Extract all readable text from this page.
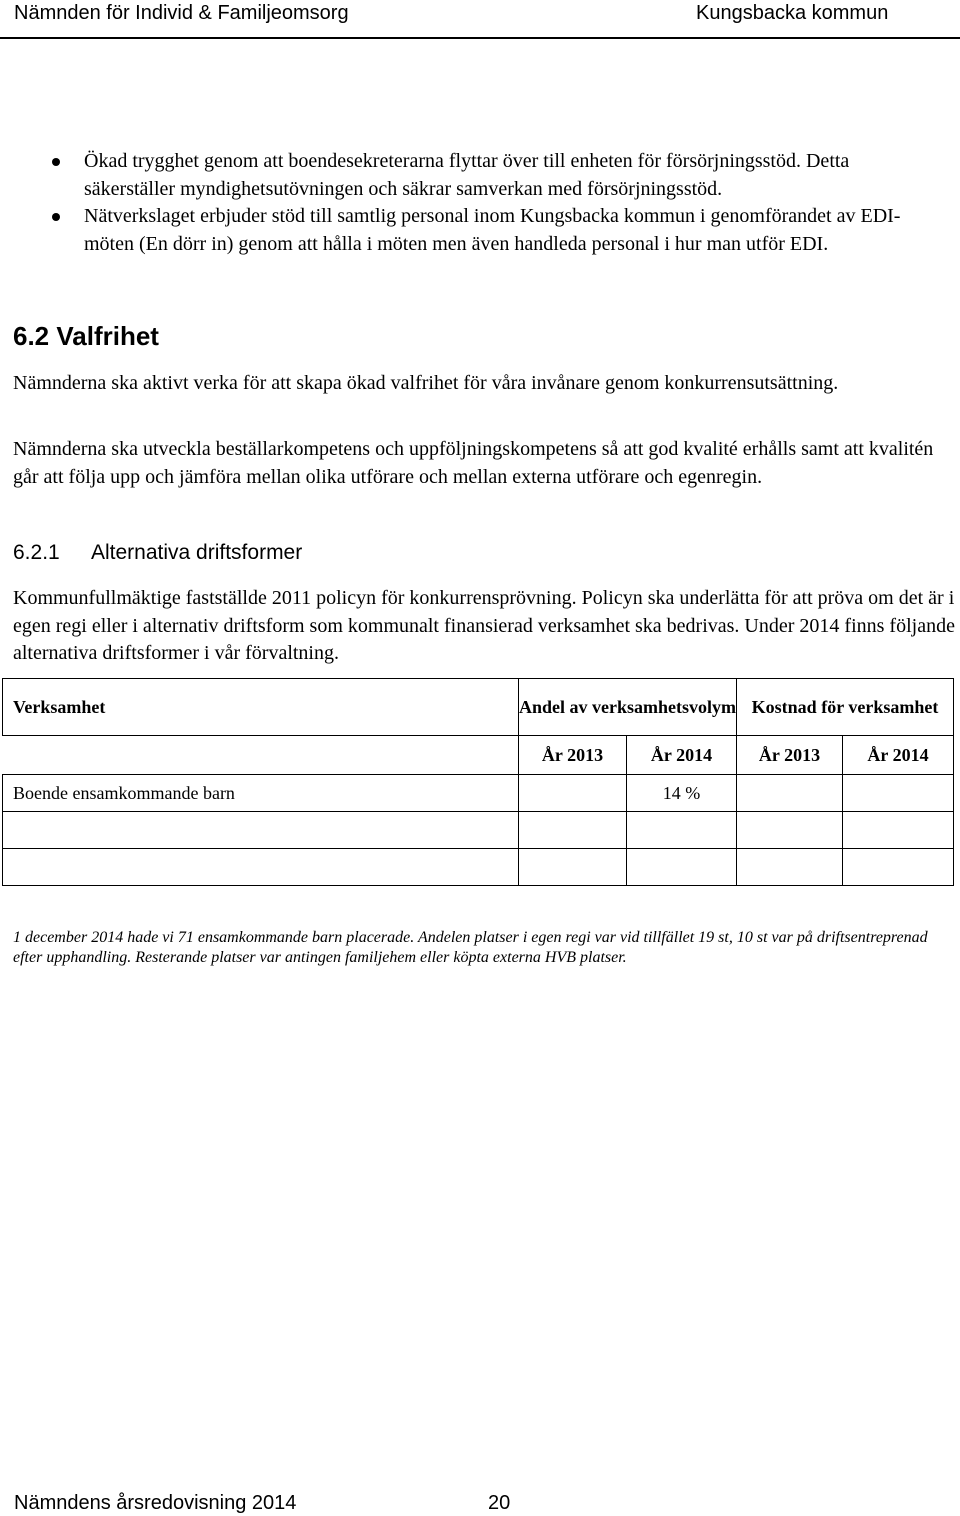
Nämnden för Individ & Familjeomsorg	Kungsbacka kommun
Ökad trygghet genom att boendesekreterarna flyttar över till enheten för försörjningsstöd. Detta säkerställer myndighetsutövningen och säkrar samverkan med försörjningsstöd.
Nätverkslaget erbjuder stöd till samtlig personal inom Kungsbacka kommun i genomförandet av EDI-möten (En dörr in) genom att hålla i möten men även handleda personal i hur man utför EDI.
6.2 Valfrihet
Nämnderna ska aktivt verka för att skapa ökad valfrihet för våra invånare genom konkurrensutsättning.
Nämnderna ska utveckla beställarkompetens och uppföljningskompetens så att god kvalité erhålls samt att kvalitén går att följa upp och jämföra mellan olika utförare och mellan externa utförare och egenregin.
6.2.1 Alternativa driftsformer
Kommunfullmäktige fastställde 2011 policyn för konkurrensprövning. Policyn ska underlätta för att pröva om det är i egen regi eller i alternativ driftsform som kommunalt finansierad verksamhet ska bedrivas. Under 2014 finns följande alternativa driftsformer i vår förvaltning.
Verksamhet	Andel av verksamhetsvolym		Kostnad för verksamhet	
	År 2013	År 2014	År 2013	År 2014
Boende ensamkommande barn		14 %		

1 december 2014 hade vi 71 ensamkommande barn placerade. Andelen platser i egen regi var vid tillfället 19 st, 10 st var på driftsentreprenad efter upphandling. Resterande platser var antingen familjehem eller köpta externa HVB platser.
Nämndens årsredovisning 2014	20
